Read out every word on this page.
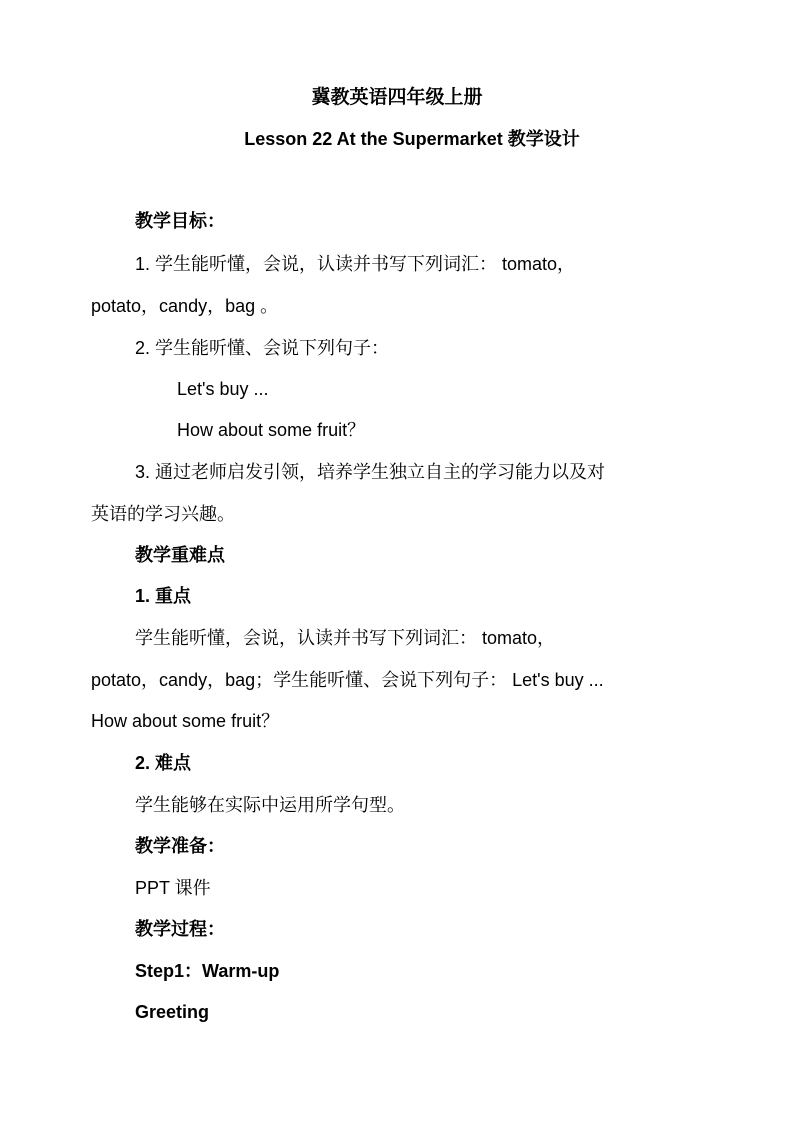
冀教英语四年级上册
Lesson 22 At the Supermarket 教学设计
教学目标：
1. 学生能听懂，会说，认读并书写下列词汇： tomato，
potato，candy，bag 。
2. 学生能听懂、会说下列句子：
Let's buy ...
How about some fruit？
3. 通过老师启发引领，培养学生独立自主的学习能力以及对
英语的学习兴趣。
教学重难点
1. 重点
学生能听懂，会说，认读并书写下列词汇： tomato，
potato，candy，bag；学生能听懂、会说下列句子： Let's buy ...
How about some fruit？
2. 难点
学生能够在实际中运用所学句型。
教学准备：
PPT 课件
教学过程：
Step1：Warm-up
Greeting
